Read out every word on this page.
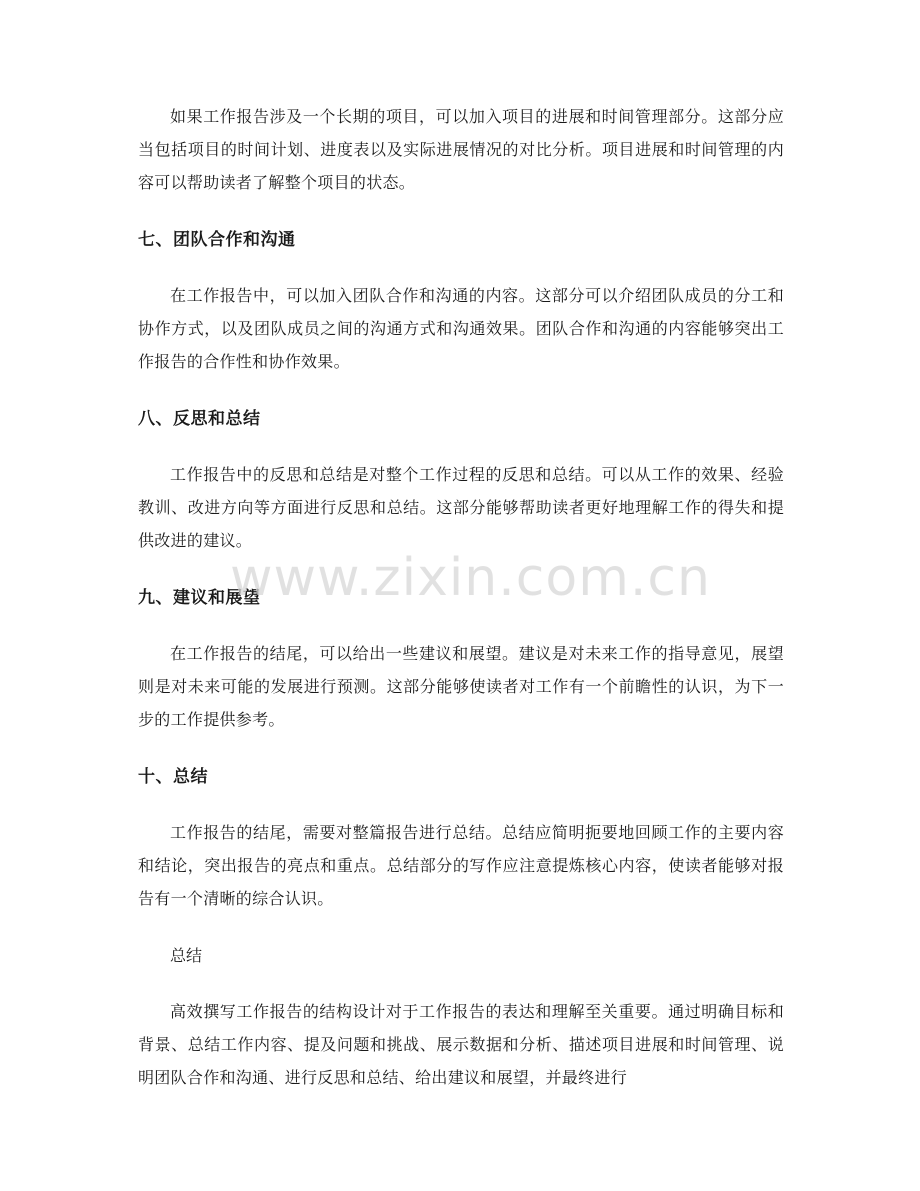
如果工作报告涉及一个长期的项目，可以加入项目的进展和时间管理部分。这部分应当包括项目的时间计划、进度表以及实际进展情况的对比分析。项目进展和时间管理的内容可以帮助读者了解整个项目的状态。

七、团队合作和沟通

在工作报告中，可以加入团队合作和沟通的内容。这部分可以介绍团队成员的分工和协作方式，以及团队成员之间的沟通方式和沟通效果。团队合作和沟通的内容能够突出工作报告的合作性和协作效果。

八、反思和总结

工作报告中的反思和总结是对整个工作过程的反思和总结。可以从工作的效果、经验教训、改进方向等方面进行反思和总结。这部分能够帮助读者更好地理解工作的得失和提供改进的建议。

九、建议和展望

在工作报告的结尾，可以给出一些建议和展望。建议是对未来工作的指导意见，展望则是对未来可能的发展进行预测。这部分能够使读者对工作有一个前瞻性的认识，为下一步的工作提供参考。

十、总结

工作报告的结尾，需要对整篇报告进行总结。总结应简明扼要地回顾工作的主要内容和结论，突出报告的亮点和重点。总结部分的写作应注意提炼核心内容，使读者能够对报告有一个清晰的综合认识。

总结

高效撰写工作报告的结构设计对于工作报告的表达和理解至关重要。通过明确目标和背景、总结工作内容、提及问题和挑战、展示数据和分析、描述项目进展和时间管理、说明团队合作和沟通、进行反思和总结、给出建议和展望，并最终进行

www.zixin.com.cn
